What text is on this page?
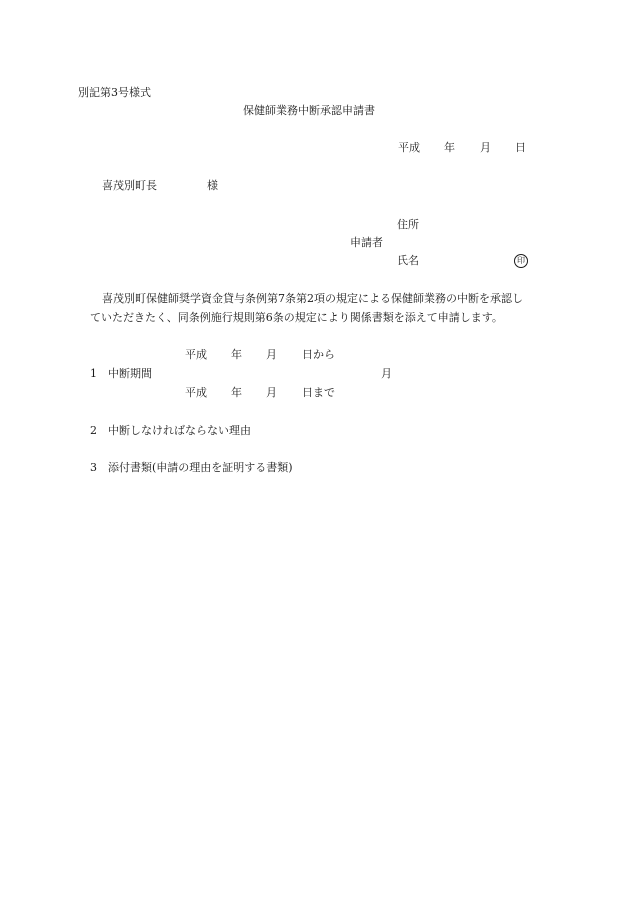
別記第3号様式
保健師業務中断承認申請書
平成 年 月 日
喜茂別町長	様
住所
申請者
氏名	印
喜茂別町保健師奨学資金貸与条例第7条第2項の規定による保健師業務の中断を承認し
ていただきたく、同条例施行規則第6条の規定により関係書類を添えて申請します。
平成 年 月 日から
1 中断期間	月
平成 年 月 日まで
2 中断しなければならない理由
3 添付書類(申請の理由を証明する書類)
